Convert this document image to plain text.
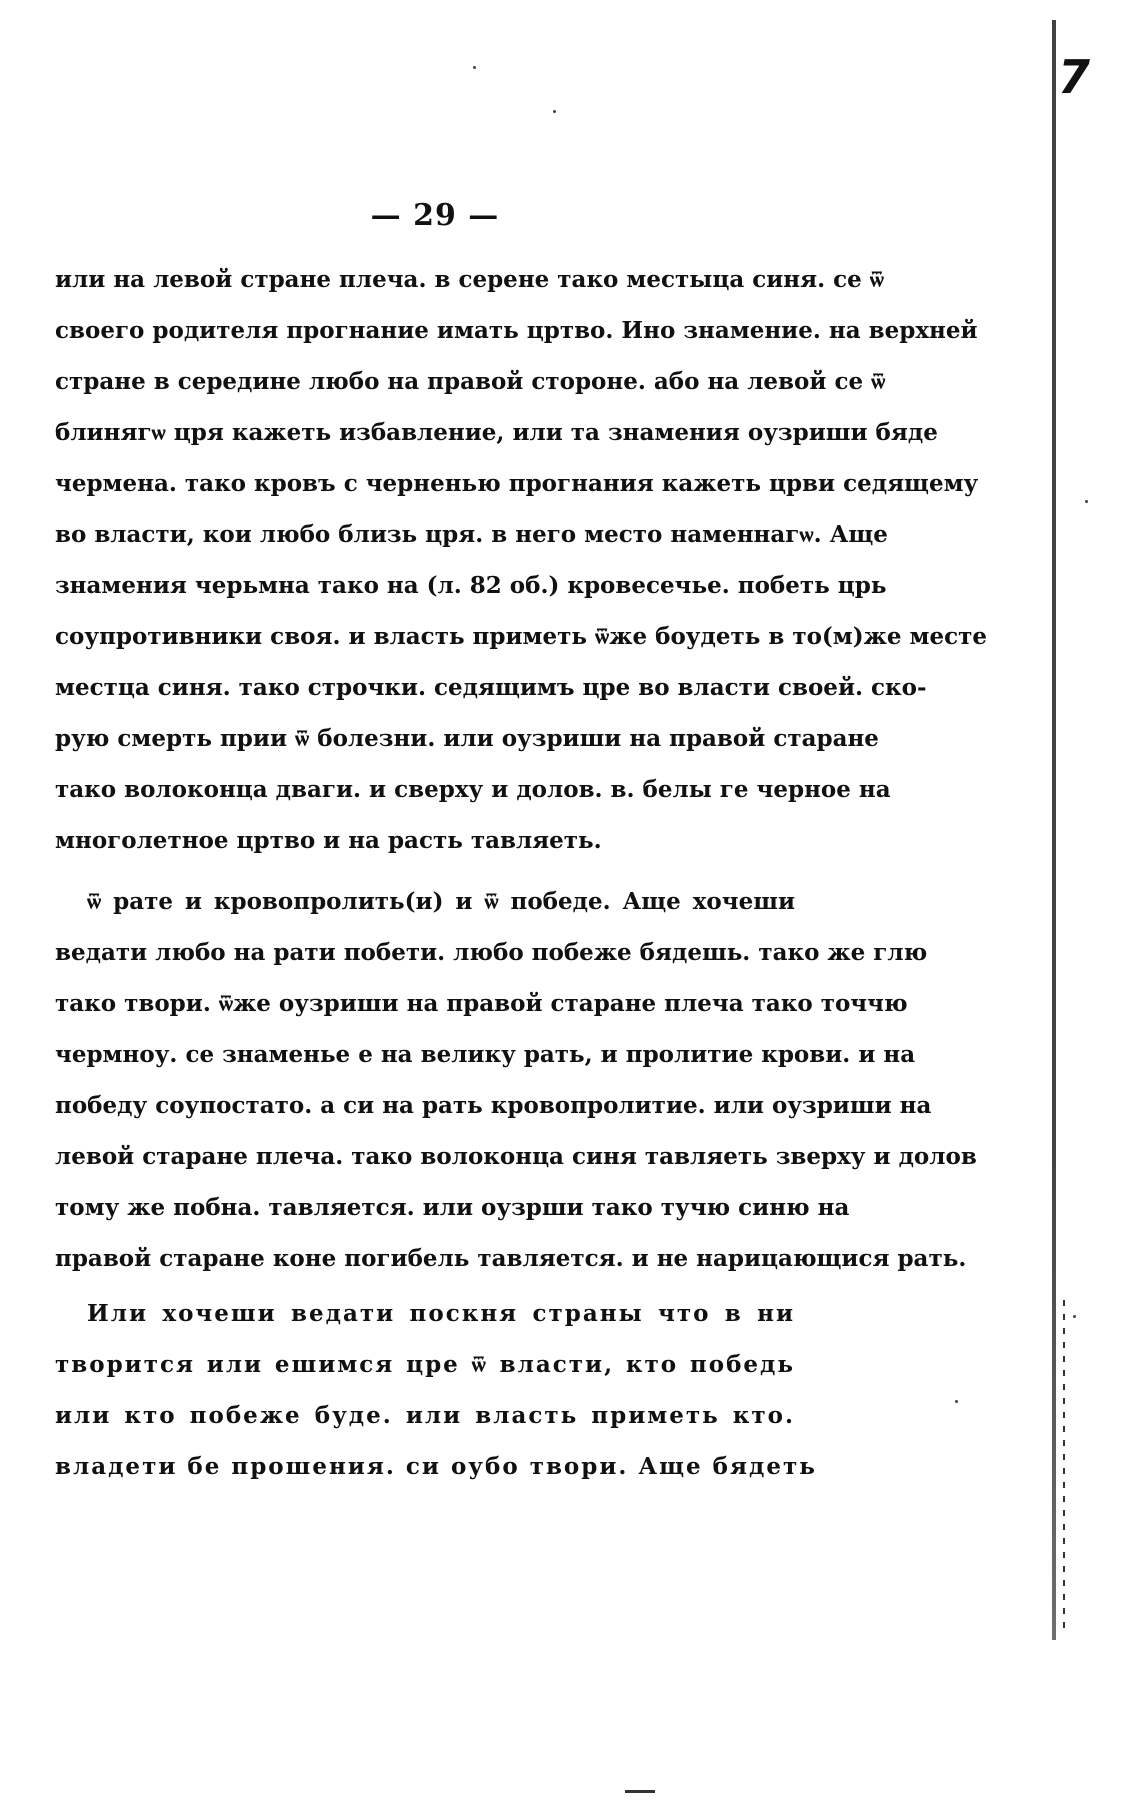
7
— 29 —
или на левой стране плеча. в серене тако местыца синя. се ѿ
своего родителя прогнание имать цртво. Ино знамение. на верхней
стране в середине любо на правой стороне. або на левой се ѿ
блинягѡ цря кажеть избавление, или та знамения оузриши бяде
чермена. тако кровъ с черненью прогнания кажеть црви седящему
во власти, кои любо близь цря. в него место наменнагѡ. Аще
знамения черьмна тако на (л. 82 об.) кровесечье. побеть црь
соупротивники своя. и власть приметь ѿже боудеть в то(м)же месте
местца синя. тако строчки. седящимъ цре во власти своей. ско-
рую смерть прии ѿ болезни. или оузриши на правой старане
тако волоконца дваги. и сверху и долов. в. белы ге черное на
многолетное цртво и на расть тавляеть.
ѿ рате и кровопролить(и) и ѿ победе. Аще хочеши
ведати любо на рати побети. любо побеже бядешь. тако же глю
тако твори. ѿже оузриши на правой старане плеча тако точчю
чермноу. се знаменье е на велику рать, и пролитие крови. и на
победу соупостато. а си на рать кровопролитие. или оузриши на
левой старане плеча. тако волоконца синя тавляеть зверху и долов
тому же побна. тавляется. или оузрши тако тучю синю на
правой старане коне погибель тавляется. и не нарицающися рать.
Или хочеши ведати поскня страны что в ни
творится или ешимся цре ѿ власти, кто победь
или кто побеже буде. или власть приметь кто.
владети бе прошения. си оубо твори. Аще бядеть
